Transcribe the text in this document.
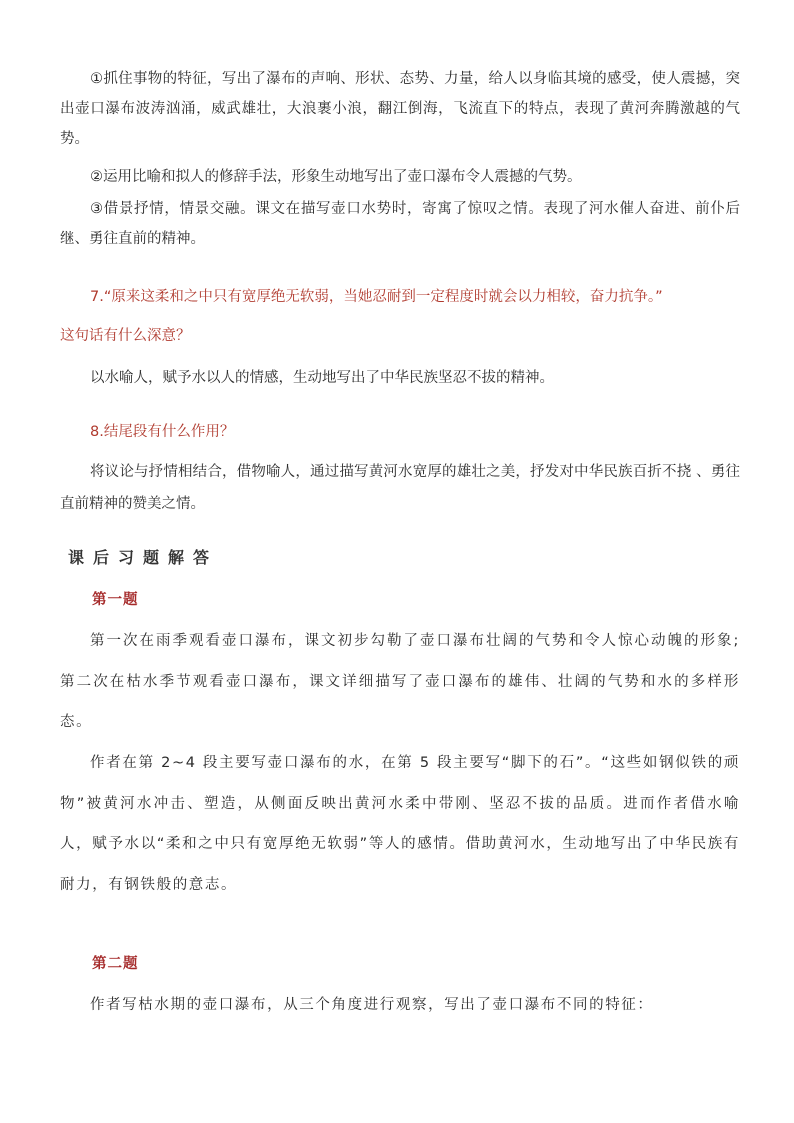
①抓住事物的特征，写出了瀑布的声响、形状、态势、力量，给人以身临其境的感受，使人震撼，突出壶口瀑布波涛汹涌，威武雄壮，大浪裹小浪，翻江倒海，飞流直下的特点，表现了黄河奔腾激越的气势。

②运用比喻和拟人的修辞手法，形象生动地写出了壶口瀑布令人震撼的气势。

③借景抒情，情景交融。课文在描写壶口水势时，寄寓了惊叹之情。表现了河水催人奋进、前仆后继、勇往直前的精神。

7.“原来这柔和之中只有宽厚绝无软弱，当她忍耐到一定程度时就会以力相较，奋力抗争。”

这句话有什么深意？

以水喻人，赋予水以人的情感，生动地写出了中华民族坚忍不拔的精神。

8.结尾段有什么作用？

将议论与抒情相结合，借物喻人，通过描写黄河水宽厚的雄壮之美，抒发对中华民族百折不挠 、勇往直前精神的赞美之情。

课后习题解答
第一题

第一次在雨季观看壶口瀑布，课文初步勾勒了壶口瀑布壮阔的气势和令人惊心动魄的形象;第二次在枯水季节观看壶口瀑布，课文详细描写了壶口瀑布的雄伟、壮阔的气势和水的多样形态。

作者在第 2~4 段主要写壶口瀑布的水，在第 5 段主要写“脚下的石”。“这些如钢似铁的顽物”被黄河水冲击、塑造，从侧面反映出黄河水柔中带刚、坚忍不拔的品质。进而作者借水喻人，赋予水以“柔和之中只有宽厚绝无软弱”等人的感情。借助黄河水，生动地写出了中华民族有耐力，有钢铁般的意志。

第二题

作者写枯水期的壶口瀑布，从三个角度进行观察，写出了壶口瀑布不同的特征：
